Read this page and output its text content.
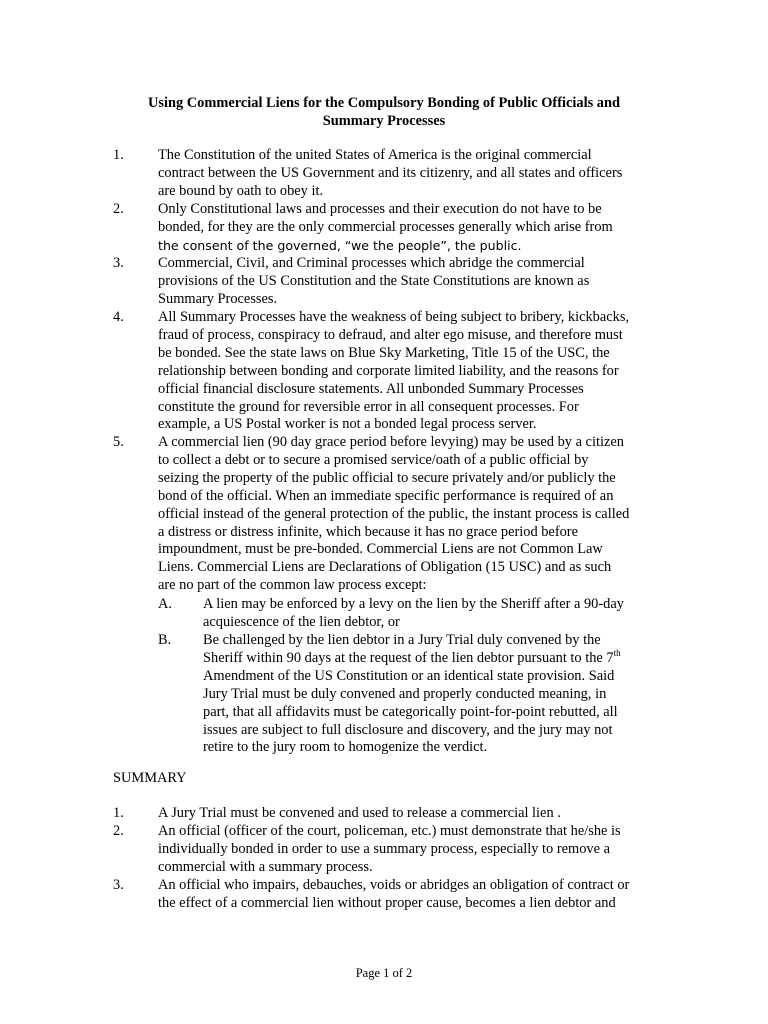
Using Commercial Liens for the Compulsory Bonding of Public Officials and
Summary Processes
1. The Constitution of the united States of America is the original commercial
contract between the US Government and its citizenry, and all states and officers
are bound by oath to obey it.
2. Only Constitutional laws and processes and their execution do not have to be
bonded, for they are the only commercial processes generally which arise from
the consent of the governed, “we the people”, the public.
3. Commercial, Civil, and Criminal processes which abridge the commercial
provisions of the US Constitution and the State Constitutions are known as
Summary Processes.
4. All Summary Processes have the weakness of being subject to bribery, kickbacks,
fraud of process, conspiracy to defraud, and alter ego misuse, and therefore must
be bonded. See the state laws on Blue Sky Marketing, Title 15 of the USC, the
relationship between bonding and corporate limited liability, and the reasons for
official financial disclosure statements. All unbonded Summary Processes
constitute the ground for reversible error in all consequent processes. For
example, a US Postal worker is not a bonded legal process server.
5. A commercial lien (90 day grace period before levying) may be used by a citizen
to collect a debt or to secure a promised service/oath of a public official by
seizing the property of the public official to secure privately and/or publicly the
bond of the official. When an immediate specific performance is required of an
official instead of the general protection of the public, the instant process is called
a distress or distress infinite, which because it has no grace period before
impoundment, must be pre-bonded. Commercial Liens are not Common Law
Liens. Commercial Liens are Declarations of Obligation (15 USC) and as such
are no part of the common law process except:
A. A lien may be enforced by a levy on the lien by the Sheriff after a 90-day
acquiescence of the lien debtor, or
B. Be challenged by the lien debtor in a Jury Trial duly convened by the
Sheriff within 90 days at the request of the lien debtor pursuant to the 7th
Amendment of the US Constitution or an identical state provision. Said
Jury Trial must be duly convened and properly conducted meaning, in
part, that all affidavits must be categorically point-for-point rebutted, all
issues are subject to full disclosure and discovery, and the jury may not
retire to the jury room to homogenize the verdict.
SUMMARY
1. A Jury Trial must be convened and used to release a commercial lien .
2. An official (officer of the court, policeman, etc.) must demonstrate that he/she is
individually bonded in order to use a summary process, especially to remove a
commercial with a summary process.
3. An official who impairs, debauches, voids or abridges an obligation of contract or
the effect of a commercial lien without proper cause, becomes a lien debtor and
Page 1 of 2
